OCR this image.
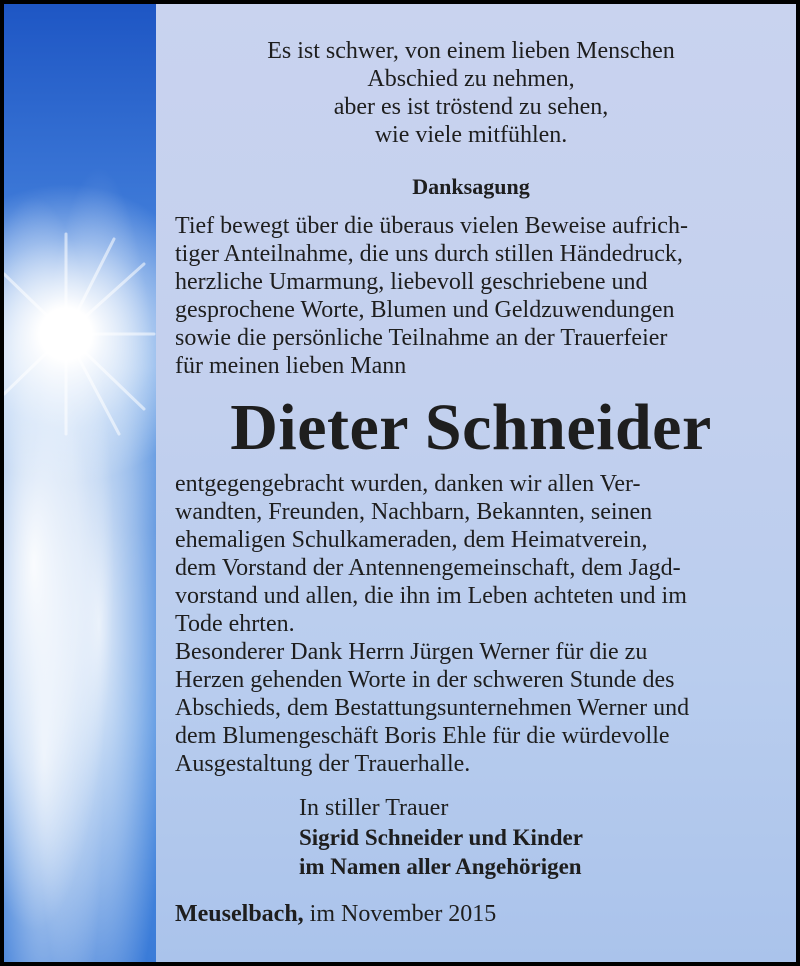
Es ist schwer, von einem lieben Menschen
Abschied zu nehmen,
aber es ist tröstend zu sehen,
wie viele mitfühlen.
Danksagung

Tief bewegt über die überaus vielen Beweise aufrich-

tiger Anteilnahme, die uns durch stillen Händedruck,

herzliche Umarmung, liebevoll geschriebene und

gesprochene Worte, Blumen und Geldzuwendungen

sowie die persönliche Teilnahme an der Trauerfeier

für meinen lieben Mann

Dieter Schneider

entgegengebracht wurden, danken wir allen Ver-

wandten, Freunden, Nachbarn, Bekannten, seinen

ehemaligen Schulkameraden, dem Heimatverein,

dem Vorstand der Antennengemeinschaft, dem Jagd-

vorstand und allen, die ihn im Leben achteten und im

Tode ehrten.

Besonderer Dank Herrn Jürgen Werner für die zu

Herzen gehenden Worte in der schweren Stunde des

Abschieds, dem Bestattungsunternehmen Werner und

dem Blumengeschäft Boris Ehle für die würdevolle

Ausgestaltung der Trauerhalle.

In stiller Trauer
Sigrid Schneider und Kinder
im Namen aller Angehörigen
Meuselbach, im November 2015
